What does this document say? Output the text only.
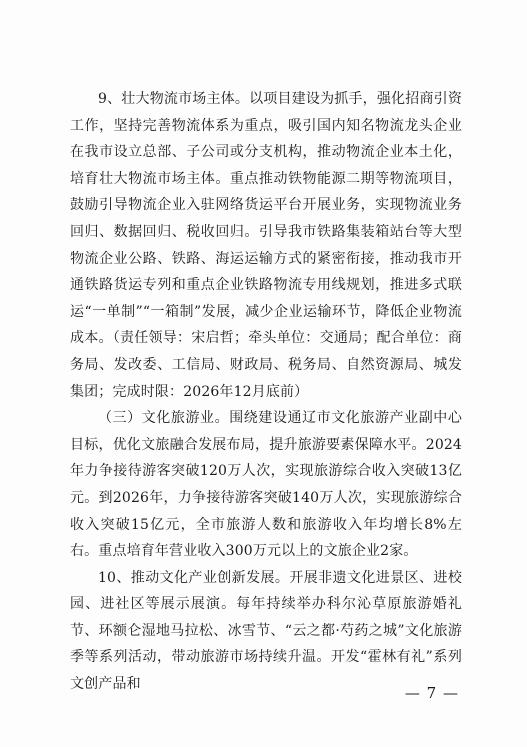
9、壮大物流市场主体。以项目建设为抓手，强化招商引资工作，坚持完善物流体系为重点，吸引国内知名物流龙头企业在我市设立总部、子公司或分支机构，推动物流企业本土化，培育壮大物流市场主体。重点推动铁物能源二期等物流项目，鼓励引导物流企业入驻网络货运平台开展业务，实现物流业务回归、数据回归、税收回归。引导我市铁路集装箱站台等大型物流企业公路、铁路、海运运输方式的紧密衔接，推动我市开通铁路货运专列和重点企业铁路物流专用线规划，推进多式联运“一单制”“一箱制”发展，减少企业运输环节，降低企业物流成本。（责任领导：宋启哲；牵头单位：交通局；配合单位：商务局、发改委、工信局、财政局、税务局、自然资源局、城发集团；完成时限：2026年12月底前）

（三）文化旅游业。围绕建设通辽市文化旅游产业副中心目标，优化文旅融合发展布局，提升旅游要素保障水平。2024年力争接待游客突破120万人次，实现旅游综合收入突破13亿元。到2026年，力争接待游客突破140万人次，实现旅游综合收入突破15亿元，全市旅游人数和旅游收入年均增长8%左右。重点培育年营业收入300万元以上的文旅企业2家。

10、推动文化产业创新发展。开展非遗文化进景区、进校园、进社区等展示展演。每年持续举办科尔沁草原旅游婚礼节、环额仑湿地马拉松、冰雪节、“云之都·芍药之城”文化旅游季等系列活动，带动旅游市场持续升温。开发“霍林有礼”系列文创产品和	— 7 —
